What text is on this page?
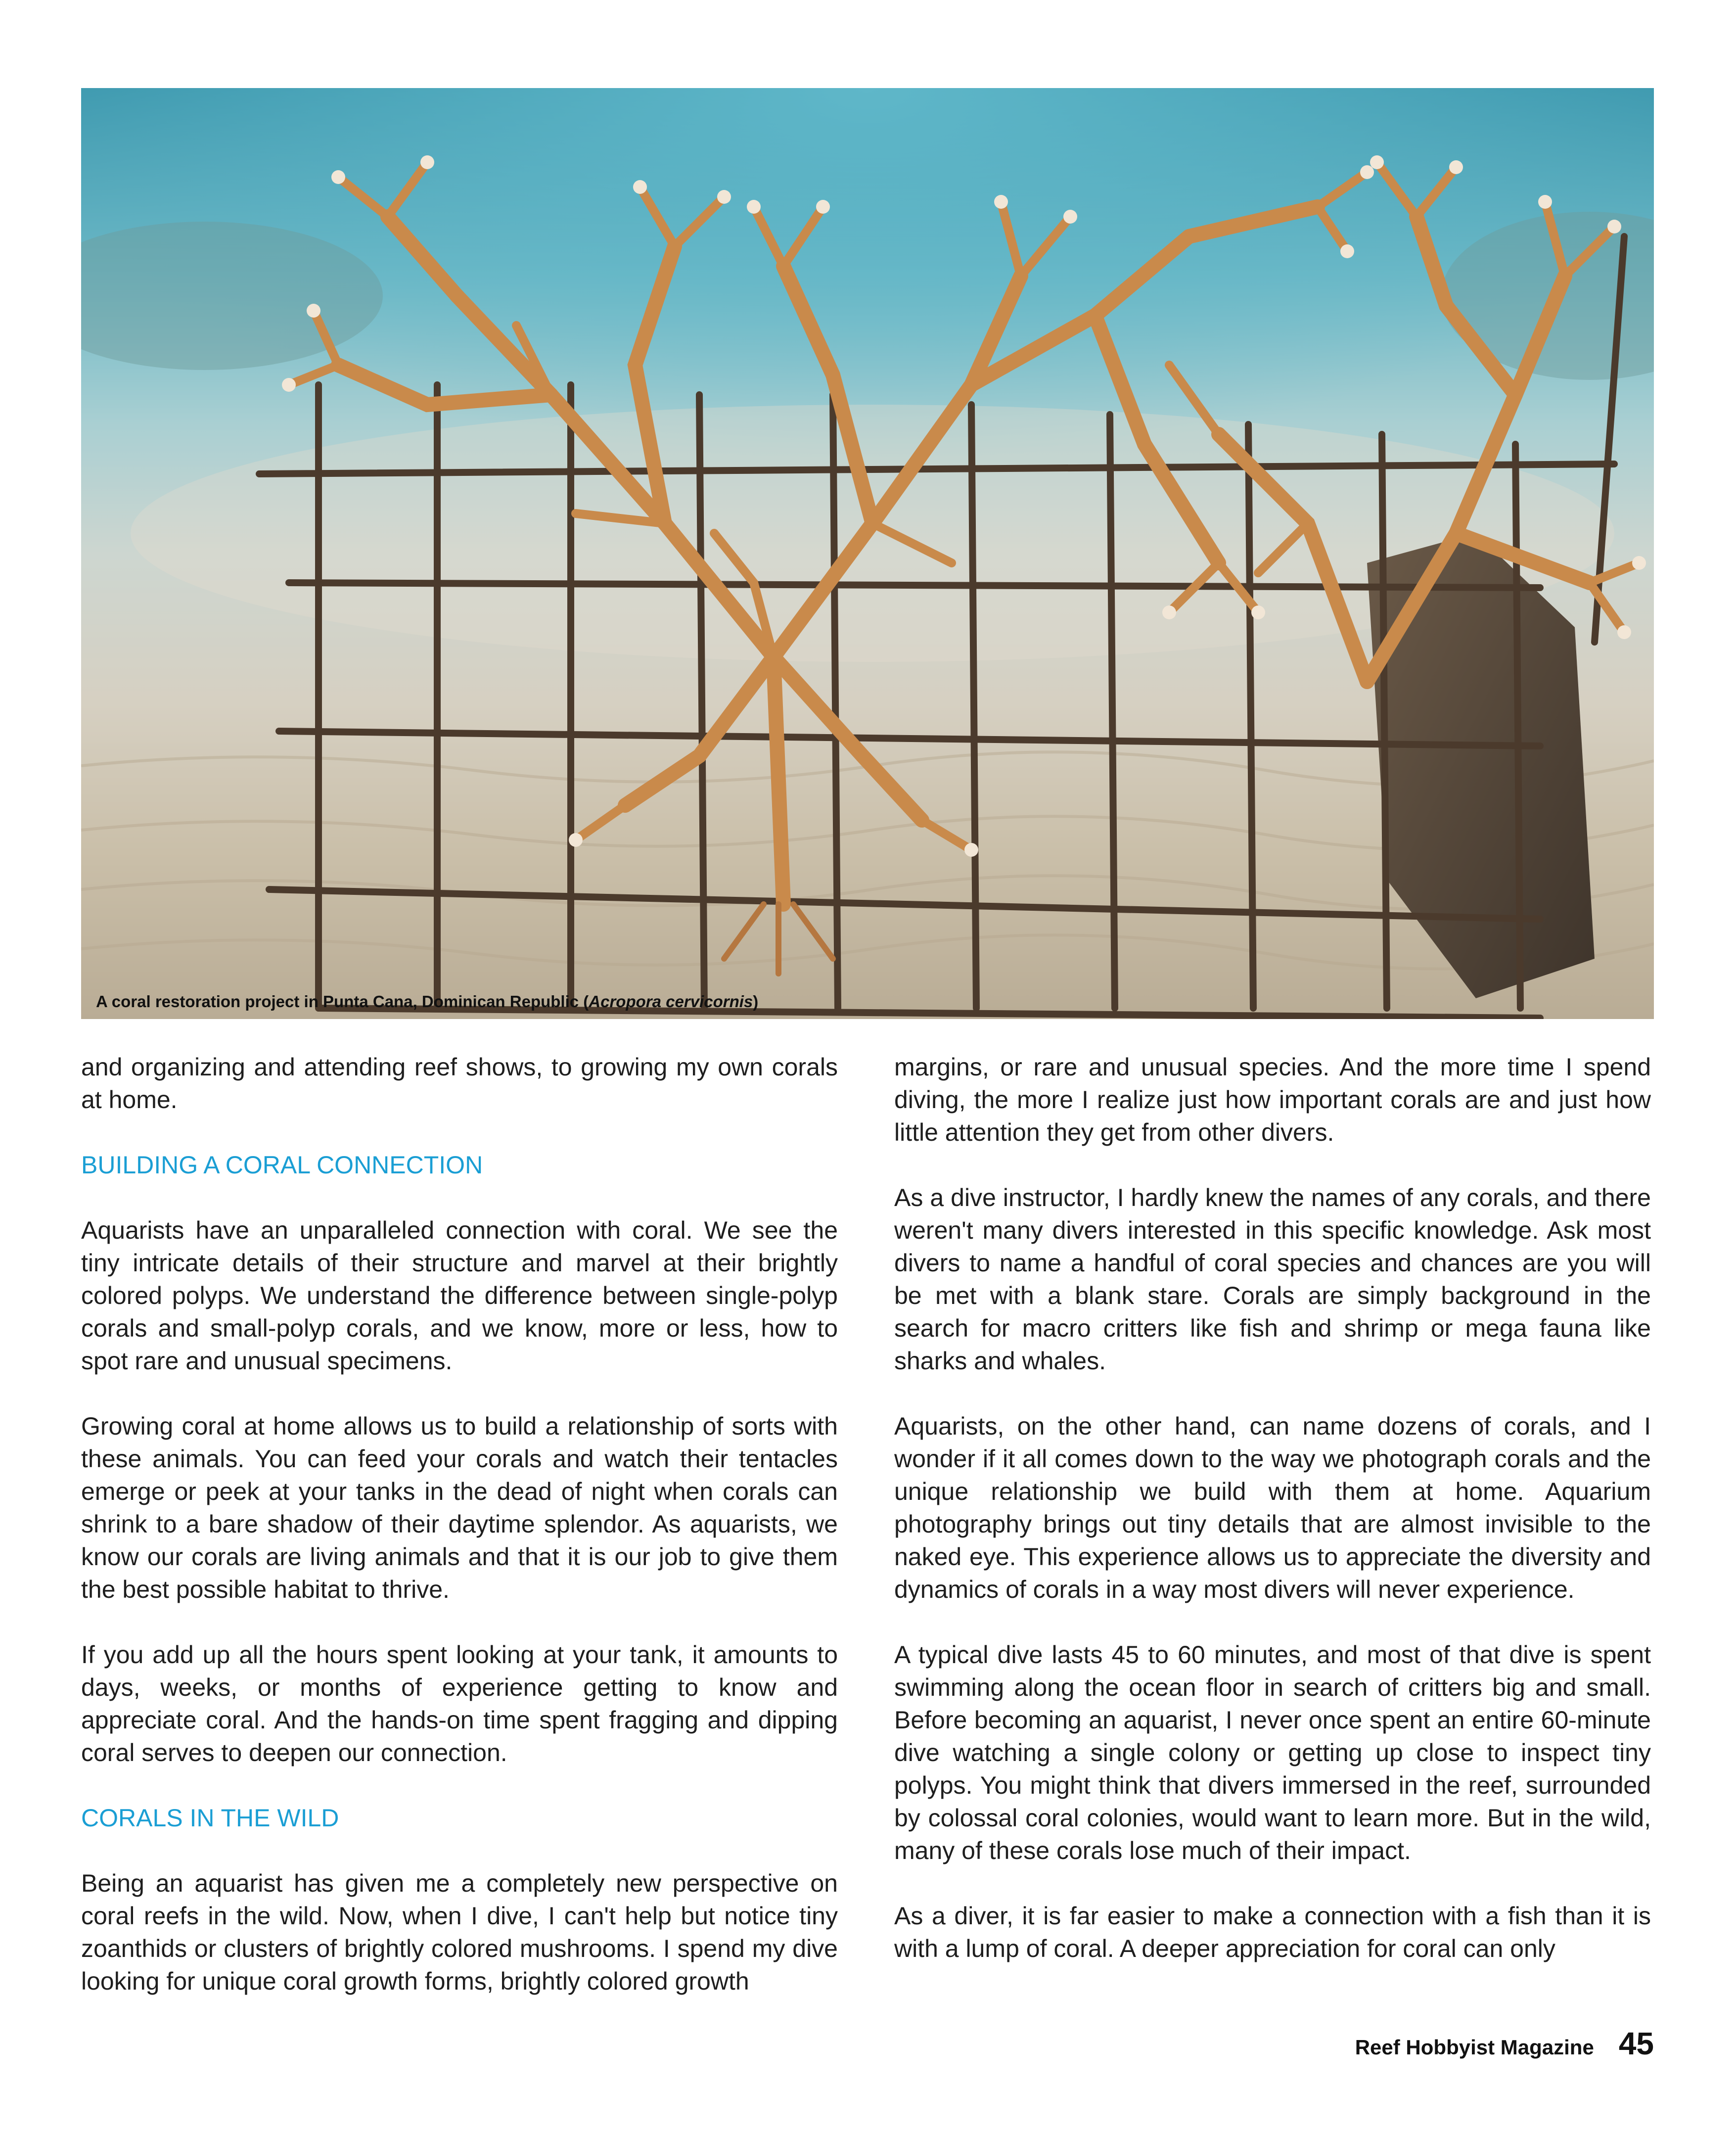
A coral restoration project in Punta Cana, Dominican Republic (Acropora cervicornis)

and organizing and attending reef shows, to growing my own corals at home.

BUILDING A CORAL CONNECTION

Aquarists have an unparalleled connection with coral. We see the tiny intricate details of their structure and marvel at their brightly colored polyps. We understand the difference between single-polyp corals and small-polyp corals, and we know, more or less, how to spot rare and unusual specimens.

Growing coral at home allows us to build a relationship of sorts with these animals. You can feed your corals and watch their tentacles emerge or peek at your tanks in the dead of night when corals can shrink to a bare shadow of their daytime splendor. As aquarists, we know our corals are living animals and that it is our job to give them the best possible habitat to thrive.

If you add up all the hours spent looking at your tank, it amounts to days, weeks, or months of experience getting to know and appreciate coral. And the hands-on time spent fragging and dipping coral serves to deepen our connection.

CORALS IN THE WILD

Being an aquarist has given me a completely new perspective on coral reefs in the wild. Now, when I dive, I can't help but notice tiny zoanthids or clusters of brightly colored mushrooms. I spend my dive looking for unique coral growth forms, brightly colored growth

margins, or rare and unusual species. And the more time I spend diving, the more I realize just how important corals are and just how little attention they get from other divers.

As a dive instructor, I hardly knew the names of any corals, and there weren't many divers interested in this specific knowledge. Ask most divers to name a handful of coral species and chances are you will be met with a blank stare. Corals are simply background in the search for macro critters like fish and shrimp or mega fauna like sharks and whales.

Aquarists, on the other hand, can name dozens of corals, and I wonder if it all comes down to the way we photograph corals and the unique relationship we build with them at home. Aquarium photography brings out tiny details that are almost invisible to the naked eye. This experience allows us to appreciate the diversity and dynamics of corals in a way most divers will never experience.

A typical dive lasts 45 to 60 minutes, and most of that dive is spent swimming along the ocean floor in search of critters big and small. Before becoming an aquarist, I never once spent an entire 60-minute dive watching a single colony or getting up close to inspect tiny polyps. You might think that divers immersed in the reef, surrounded by colossal coral colonies, would want to learn more. But in the wild, many of these corals lose much of their impact.

As a diver, it is far easier to make a connection with a fish than it is with a lump of coral. A deeper appreciation for coral can only

Reef Hobbyist Magazine 45
